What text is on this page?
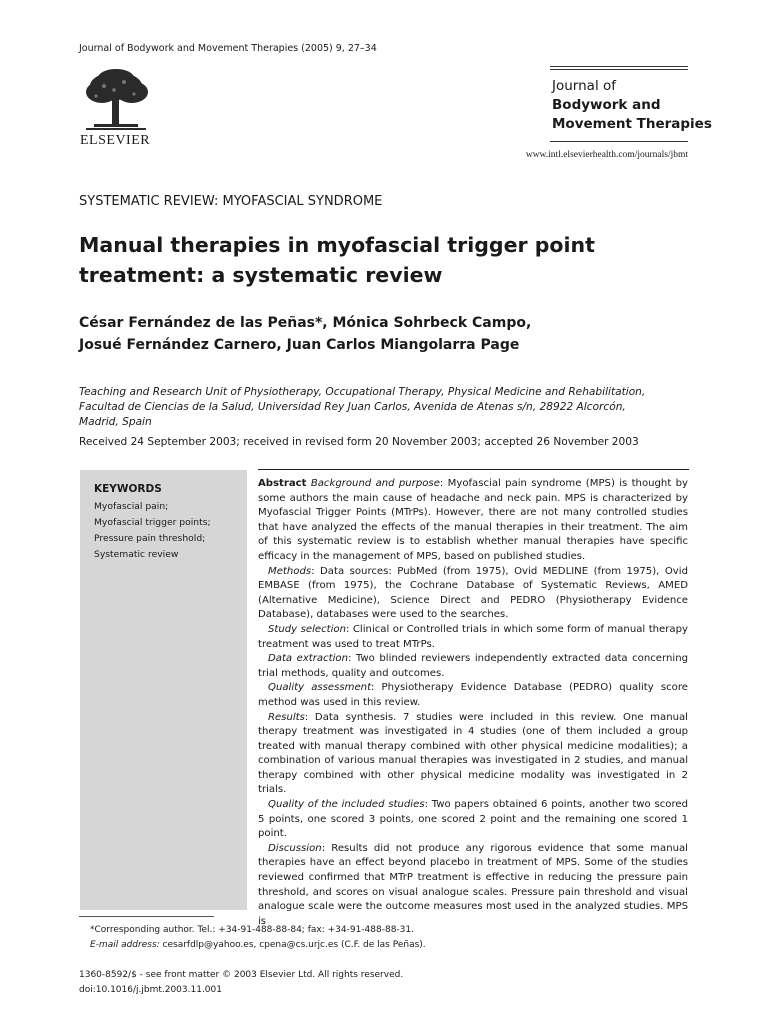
Journal of Bodywork and Movement Therapies (2005) 9, 27–34
ELSEVIER
Journal of
Bodywork and
Movement Therapies
www.intl.elsevierhealth.com/journals/jbmt
SYSTEMATIC REVIEW: MYOFASCIAL SYNDROME
Manual therapies in myofascial trigger point
treatment: a systematic review
César Fernández de las Peñas*, Mónica Sohrbeck Campo,
Josué Fernández Carnero, Juan Carlos Miangolarra Page
Teaching and Research Unit of Physiotherapy, Occupational Therapy, Physical Medicine and Rehabilitation,
Facultad de Ciencias de la Salud, Universidad Rey Juan Carlos, Avenida de Atenas s/n, 28922 Alcorcón,
Madrid, Spain
Received 24 September 2003; received in revised form 20 November 2003; accepted 26 November 2003
KEYWORDS
Myofascial pain;
Myofascial trigger points;
Pressure pain threshold;
Systematic review

Abstract Background and purpose: Myofascial pain syndrome (MPS) is thought by some authors the main cause of headache and neck pain. MPS is characterized by Myofascial Trigger Points (MTrPs). However, there are not many controlled studies that have analyzed the effects of the manual therapies in their treatment. The aim of this systematic review is to establish whether manual therapies have specific efficacy in the management of MPS, based on published studies.

Methods: Data sources: PubMed (from 1975), Ovid MEDLINE (from 1975), Ovid EMBASE (from 1975), the Cochrane Database of Systematic Reviews, AMED (Alternative Medicine), Science Direct and PEDRO (Physiotherapy Evidence Database), databases were used to the searches.

Study selection: Clinical or Controlled trials in which some form of manual therapy treatment was used to treat MTrPs.

Data extraction: Two blinded reviewers independently extracted data concerning trial methods, quality and outcomes.

Quality assessment: Physiotherapy Evidence Database (PEDRO) quality score method was used in this review.

Results: Data synthesis. 7 studies were included in this review. One manual therapy treatment was investigated in 4 studies (one of them included a group treated with manual therapy combined with other physical medicine modalities); a combination of various manual therapies was investigated in 2 studies, and manual therapy combined with other physical medicine modality was investigated in 2 trials.

Quality of the included studies: Two papers obtained 6 points, another two scored 5 points, one scored 3 points, one scored 2 point and the remaining one scored 1 point.

Discussion: Results did not produce any rigorous evidence that some manual therapies have an effect beyond placebo in treatment of MPS. Some of the studies reviewed confirmed that MTrP treatment is effective in reducing the pressure pain threshold, and scores on visual analogue scales. Pressure pain threshold and visual analogue scale were the outcome measures most used in the analyzed studies. MPS is

*Corresponding author. Tel.: +34-91-488-88-84; fax: +34-91-488-88-31.
E-mail address: cesarfdlp@yahoo.es, cpena@cs.urjc.es (C.F. de las Peñas).
1360-8592/$ - see front matter © 2003 Elsevier Ltd. All rights reserved.
doi:10.1016/j.jbmt.2003.11.001
